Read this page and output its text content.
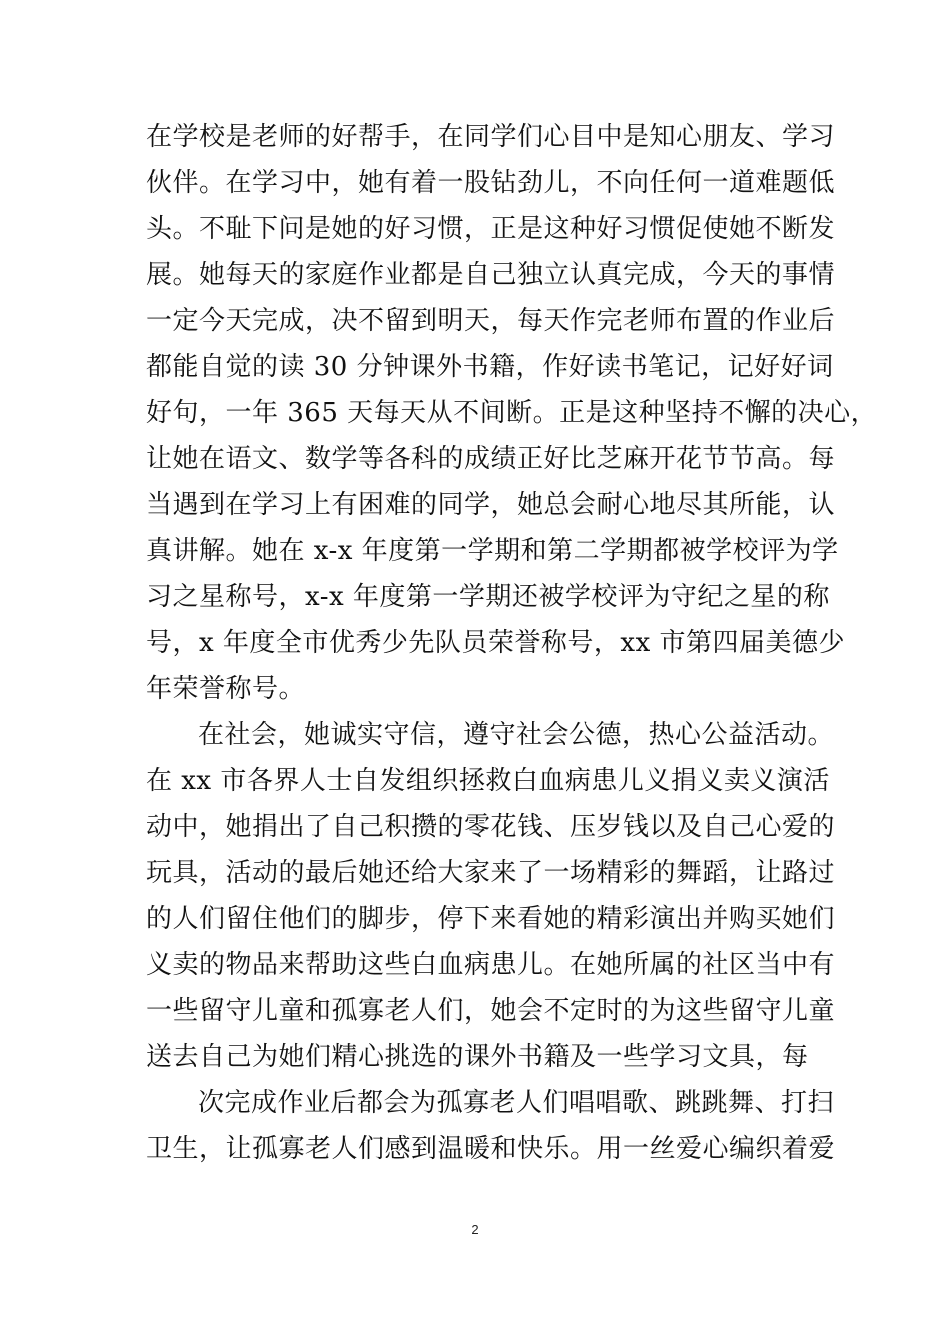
在学校是老师的好帮手，在同学们心目中是知心朋友、学习
伙伴。在学习中，她有着一股钻劲儿，不向任何一道难题低
头。不耻下问是她的好习惯，正是这种好习惯促使她不断发
展。她每天的家庭作业都是自己独立认真完成，今天的事情
一定今天完成，决不留到明天，每天作完老师布置的作业后
都能自觉的读 30 分钟课外书籍，作好读书笔记，记好好词
好句，一年 365 天每天从不间断。正是这种坚持不懈的决心，
让她在语文、数学等各科的成绩正好比芝麻开花节节高。每
当遇到在学习上有困难的同学，她总会耐心地尽其所能，认
真讲解。她在 x-x 年度第一学期和第二学期都被学校评为学
习之星称号，x-x 年度第一学期还被学校评为守纪之星的称
号，x 年度全市优秀少先队员荣誉称号，xx 市第四届美德少
年荣誉称号。
在社会，她诚实守信，遵守社会公德，热心公益活动。
在 xx 市各界人士自发组织拯救白血病患儿义捐义卖义演活
动中，她捐出了自己积攒的零花钱、压岁钱以及自己心爱的
玩具，活动的最后她还给大家来了一场精彩的舞蹈，让路过
的人们留住他们的脚步，停下来看她的精彩演出并购买她们
义卖的物品来帮助这些白血病患儿。在她所属的社区当中有
一些留守儿童和孤寡老人们，她会不定时的为这些留守儿童
送去自己为她们精心挑选的课外书籍及一些学习文具，每
次完成作业后都会为孤寡老人们唱唱歌、跳跳舞、打扫
卫生，让孤寡老人们感到温暖和快乐。用一丝爱心编织着爱
2
